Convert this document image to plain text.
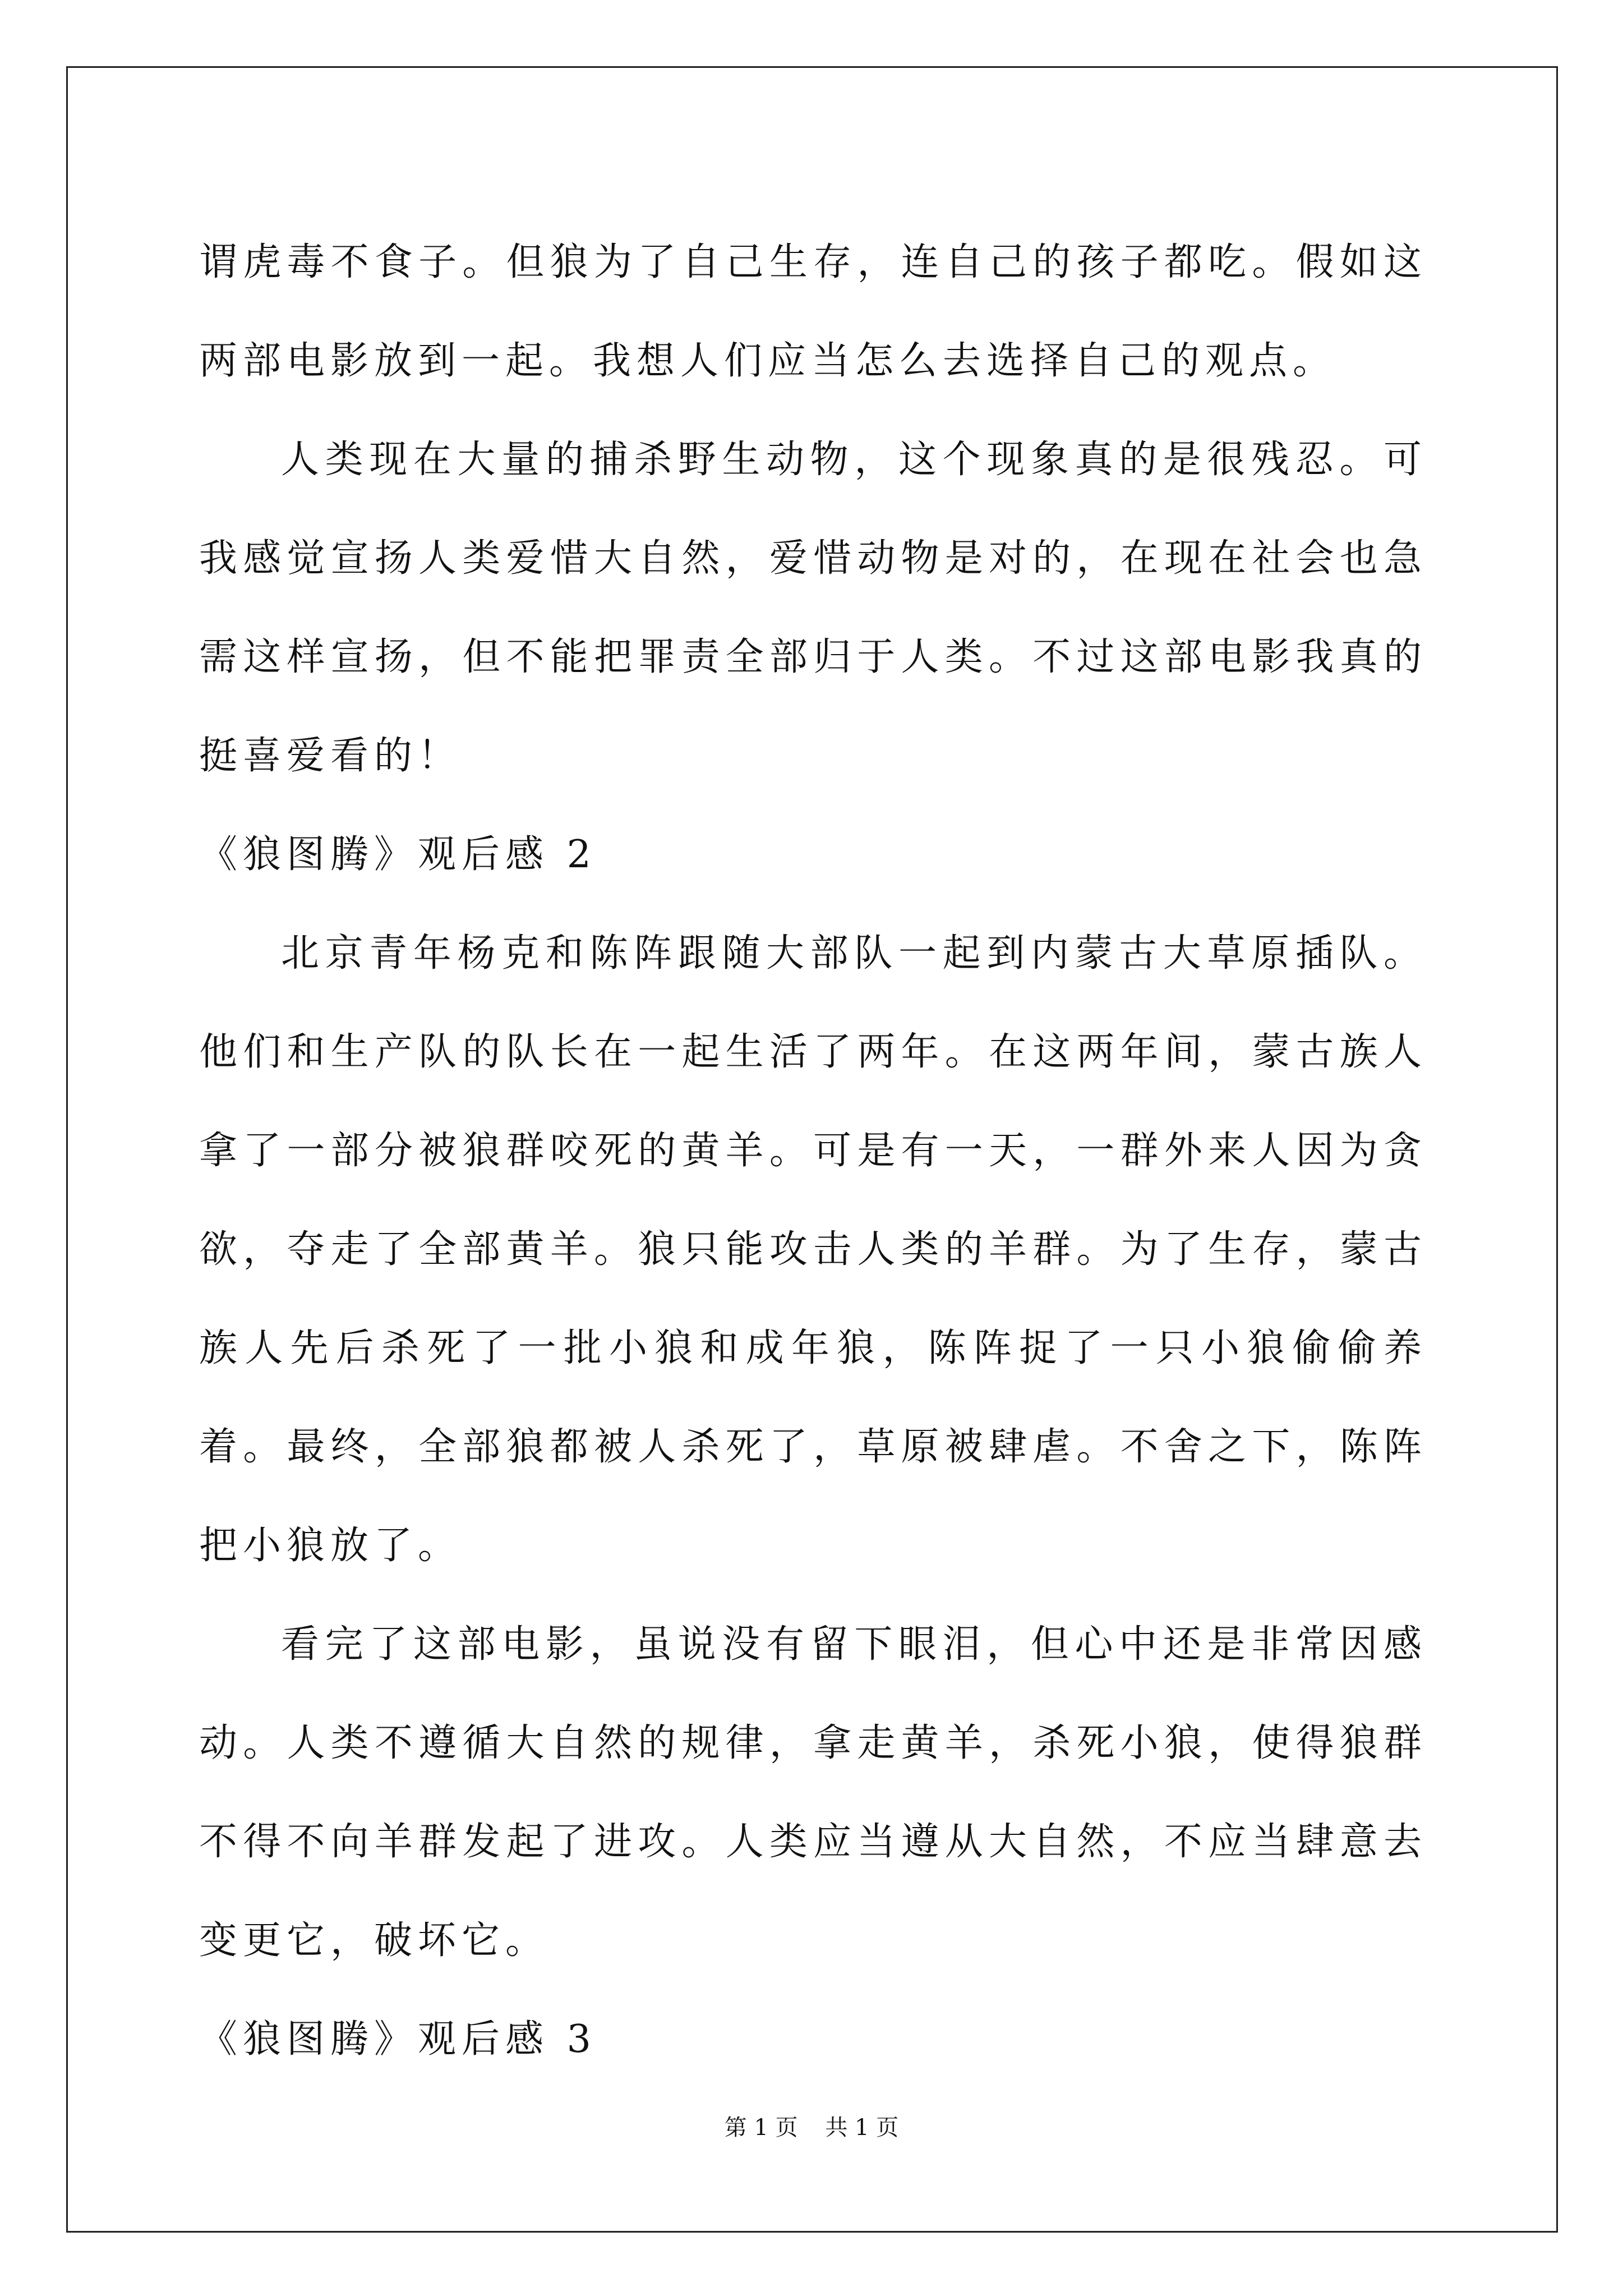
谓虎毒不食子。但狼为了自己生存，连自己的孩子都吃。假如这两部电影放到一起。我想人们应当怎么去选择自己的观点。

人类现在大量的捕杀野生动物，这个现象真的是很残忍。可我感觉宣扬人类爱惜大自然，爱惜动物是对的，在现在社会也急需这样宣扬，但不能把罪责全部归于人类。不过这部电影我真的挺喜爱看的！

《狼图腾》观后感 2

北京青年杨克和陈阵跟随大部队一起到内蒙古大草原插队。他们和生产队的队长在一起生活了两年。在这两年间，蒙古族人拿了一部分被狼群咬死的黄羊。可是有一天，一群外来人因为贪欲，夺走了全部黄羊。狼只能攻击人类的羊群。为了生存，蒙古族人先后杀死了一批小狼和成年狼，陈阵捉了一只小狼偷偷养着。最终，全部狼都被人杀死了，草原被肆虐。不舍之下，陈阵把小狼放了。

看完了这部电影，虽说没有留下眼泪，但心中还是非常因感动。人类不遵循大自然的规律，拿走黄羊，杀死小狼，使得狼群不得不向羊群发起了进攻。人类应当遵从大自然，不应当肆意去变更它，破坏它。

《狼图腾》观后感 3

第 1 页 共 1 页
